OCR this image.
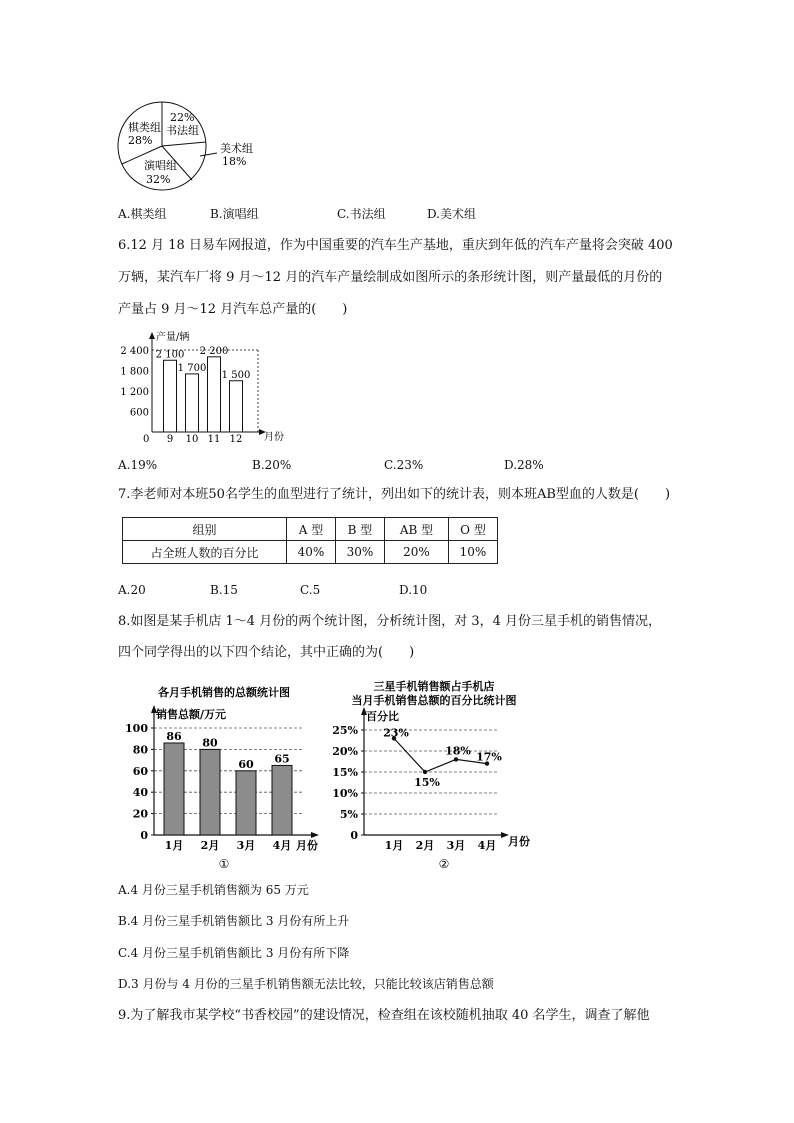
棋类组
28%
22%
书法组
美术组
18%
演唱组
32%
A.棋类组	B.演唱组	C.书法组	D.美术组
6.12 月 18 日易车网报道，作为中国重要的汽车生产基地，重庆到年低的汽车产量将会突破 400
万辆，某汽车厂将 9 月～12 月的汽车产量绘制成如图所示的条形统计图，则产量最低的月份的
产量占 9 月～12 月汽车总产量的(　　)
产量/辆
月份
0
600
1 200
1 800
2 400 2 100
9
1 700
10
2 200
11
1 500
12
A.19%	B.20%	C.23%	D.28%
7.李老师对本班50名学生的血型进行了统计，列出如下的统计表，则本班AB型血的人数是(　　)
组别	A 型	B 型	AB 型	O 型
占全班人数的百分比	40%	30%	20%	10%
A.20	B.15	C.5	D.10
8.如图是某手机店 1～4 月份的两个统计图，分析统计图，对 3，4 月份三星手机的销售情况，
四个同学得出的以下四个结论，其中正确的为(　　)
各月手机销售的总额统计图
销售总额/万元
月份
①
0
20
40
60
80
100
86
1月
80
2月
60
3月
65
4月
三星手机销售额占手机店
当月手机销售总额的百分比统计图
百分比
月份
②
0
5%
10%
15%
20%
25% 23%
1月
15%
2月
18%
3月
17%
4月
A.4 月份三星手机销售额为 65 万元
B.4 月份三星手机销售额比 3 月份有所上升
C.4 月份三星手机销售额比 3 月份有所下降
D.3 月份与 4 月份的三星手机销售额无法比较，只能比较该店销售总额
9.为了解我市某学校“书香校园”的建设情况，检查组在该校随机抽取 40 名学生，调查了解他
